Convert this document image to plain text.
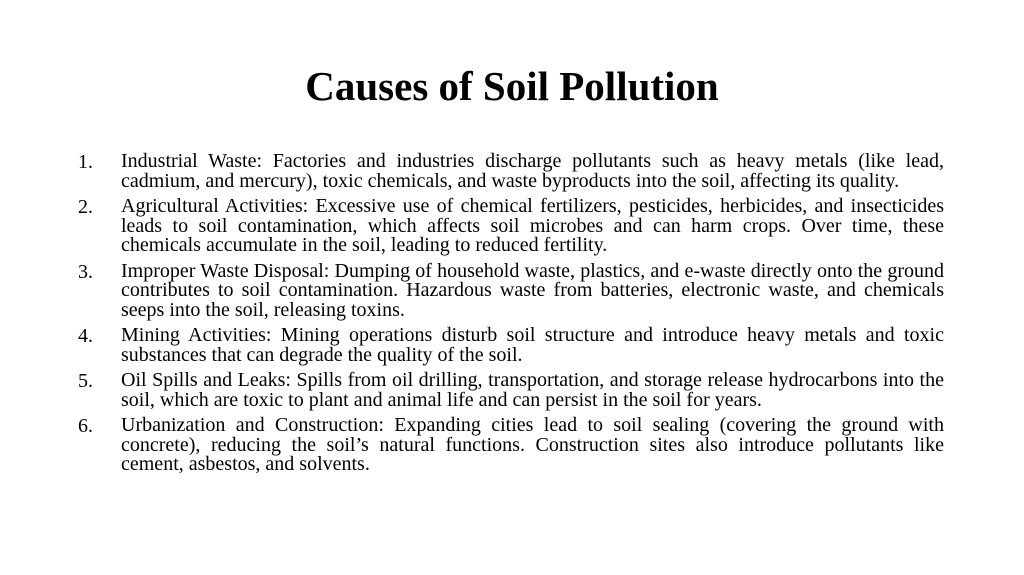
Causes of Soil Pollution
1.	Industrial Waste: Factories and industries discharge pollutants such as heavy metals (like lead, cadmium, and mercury), toxic chemicals, and waste byproducts into the soil, affecting its quality.
2.	Agricultural Activities: Excessive use of chemical fertilizers, pesticides, herbicides, and insecticides leads to soil contamination, which affects soil microbes and can harm crops. Over time, these chemicals accumulate in the soil, leading to reduced fertility.
3.	Improper Waste Disposal: Dumping of household waste, plastics, and e-waste directly onto the ground contributes to soil contamination. Hazardous waste from batteries, electronic waste, and chemicals seeps into the soil, releasing toxins.
4.	Mining Activities: Mining operations disturb soil structure and introduce heavy metals and toxic substances that can degrade the quality of the soil.
5.	Oil Spills and Leaks: Spills from oil drilling, transportation, and storage release hydrocarbons into the soil, which are toxic to plant and animal life and can persist in the soil for years.
6.	Urbanization and Construction: Expanding cities lead to soil sealing (covering the ground with concrete), reducing the soil’s natural functions. Construction sites also introduce pollutants like cement, asbestos, and solvents.
